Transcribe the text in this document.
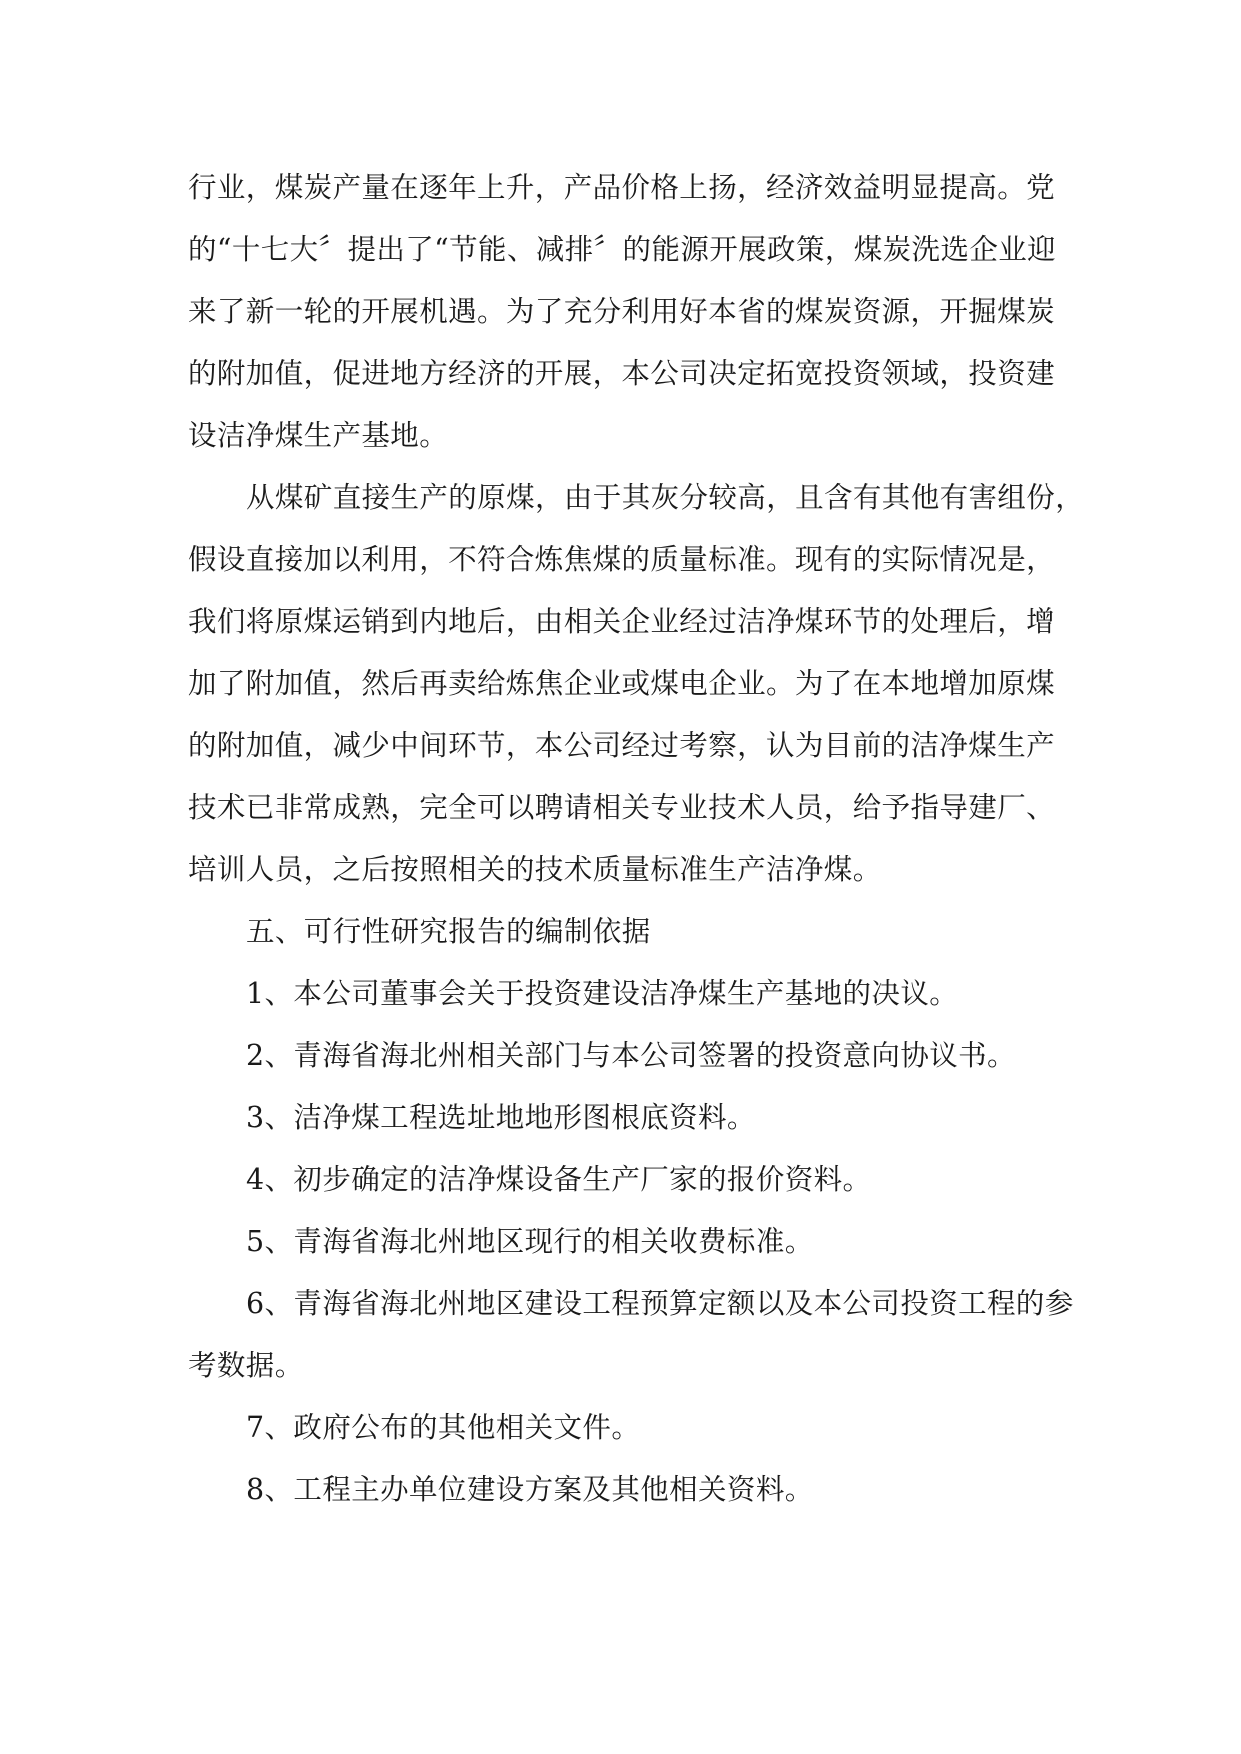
行业，煤炭产量在逐年上升，产品价格上扬，经济效益明显提高。党
的“十七大〞提出了“节能、减排〞的能源开展政策，煤炭洗选企业迎
来了新一轮的开展机遇。为了充分利用好本省的煤炭资源，开掘煤炭
的附加值，促进地方经济的开展，本公司决定拓宽投资领域，投资建
设洁净煤生产基地。
从煤矿直接生产的原煤，由于其灰分较高，且含有其他有害组份，
假设直接加以利用，不符合炼焦煤的质量标准。现有的实际情况是，
我们将原煤运销到内地后，由相关企业经过洁净煤环节的处理后，增
加了附加值，然后再卖给炼焦企业或煤电企业。为了在本地增加原煤
的附加值，减少中间环节，本公司经过考察，认为目前的洁净煤生产
技术已非常成熟，完全可以聘请相关专业技术人员，给予指导建厂、
培训人员，之后按照相关的技术质量标准生产洁净煤。
五、可行性研究报告的编制依据
1、本公司董事会关于投资建设洁净煤生产基地的决议。
2、青海省海北州相关部门与本公司签署的投资意向协议书。
3、洁净煤工程选址地地形图根底资料。
4、初步确定的洁净煤设备生产厂家的报价资料。
5、青海省海北州地区现行的相关收费标准。
6、青海省海北州地区建设工程预算定额以及本公司投资工程的参
考数据。
7、政府公布的其他相关文件。
8、工程主办单位建设方案及其他相关资料。
